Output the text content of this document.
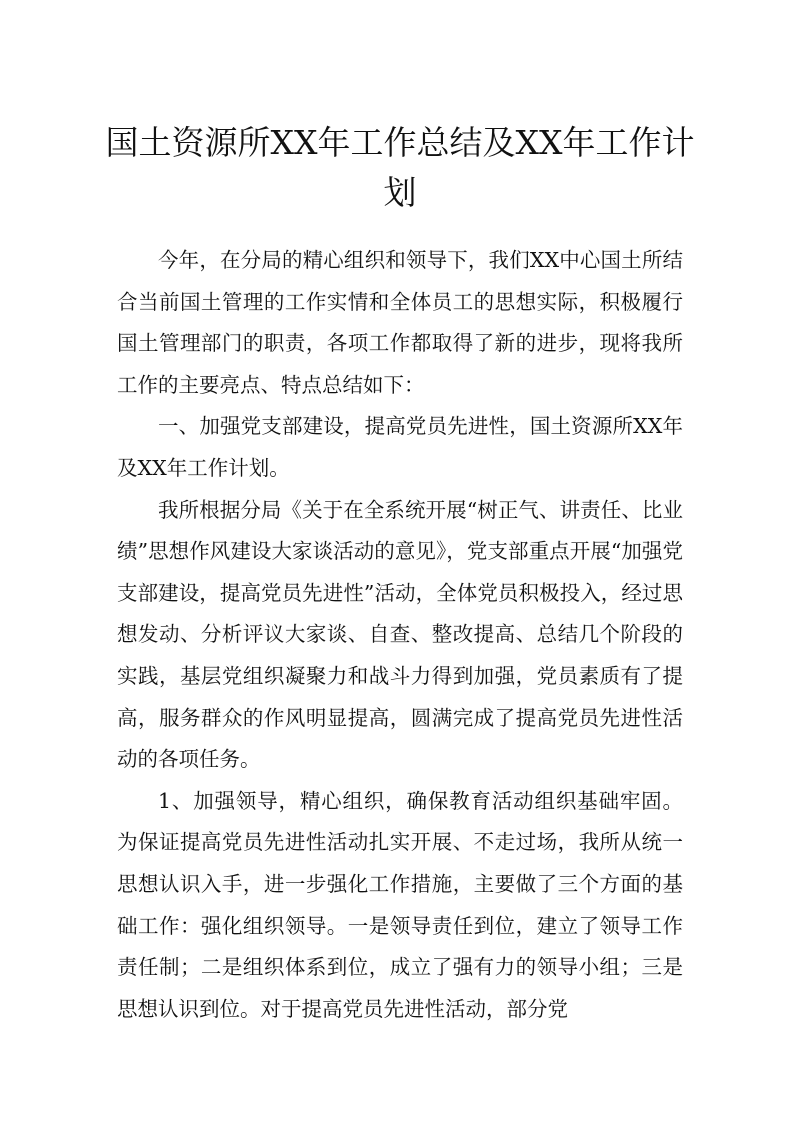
国土资源所XX年工作总结及XX年工作计划

今年，在分局的精心组织和领导下，我们XX中心国土所结合当前国土管理的工作实情和全体员工的思想实际，积极履行国土管理部门的职责，各项工作都取得了新的进步，现将我所工作的主要亮点、特点总结如下：

一、加强党支部建设，提高党员先进性，国土资源所XX年及XX年工作计划。

我所根据分局《关于在全系统开展“树正气、讲责任、比业绩”思想作风建设大家谈活动的意见》，党支部重点开展“加强党支部建设，提高党员先进性”活动，全体党员积极投入，经过思想发动、分析评议大家谈、自查、整改提高、总结几个阶段的实践，基层党组织凝聚力和战斗力得到加强，党员素质有了提高，服务群众的作风明显提高，圆满完成了提高党员先进性活动的各项任务。

1、加强领导，精心组织，确保教育活动组织基础牢固。为保证提高党员先进性活动扎实开展、不走过场，我所从统一思想认识入手，进一步强化工作措施，主要做了三个方面的基础工作：强化组织领导。一是领导责任到位，建立了领导工作责任制；二是组织体系到位，成立了强有力的领导小组；三是思想认识到位。对于提高党员先进性活动，部分党
